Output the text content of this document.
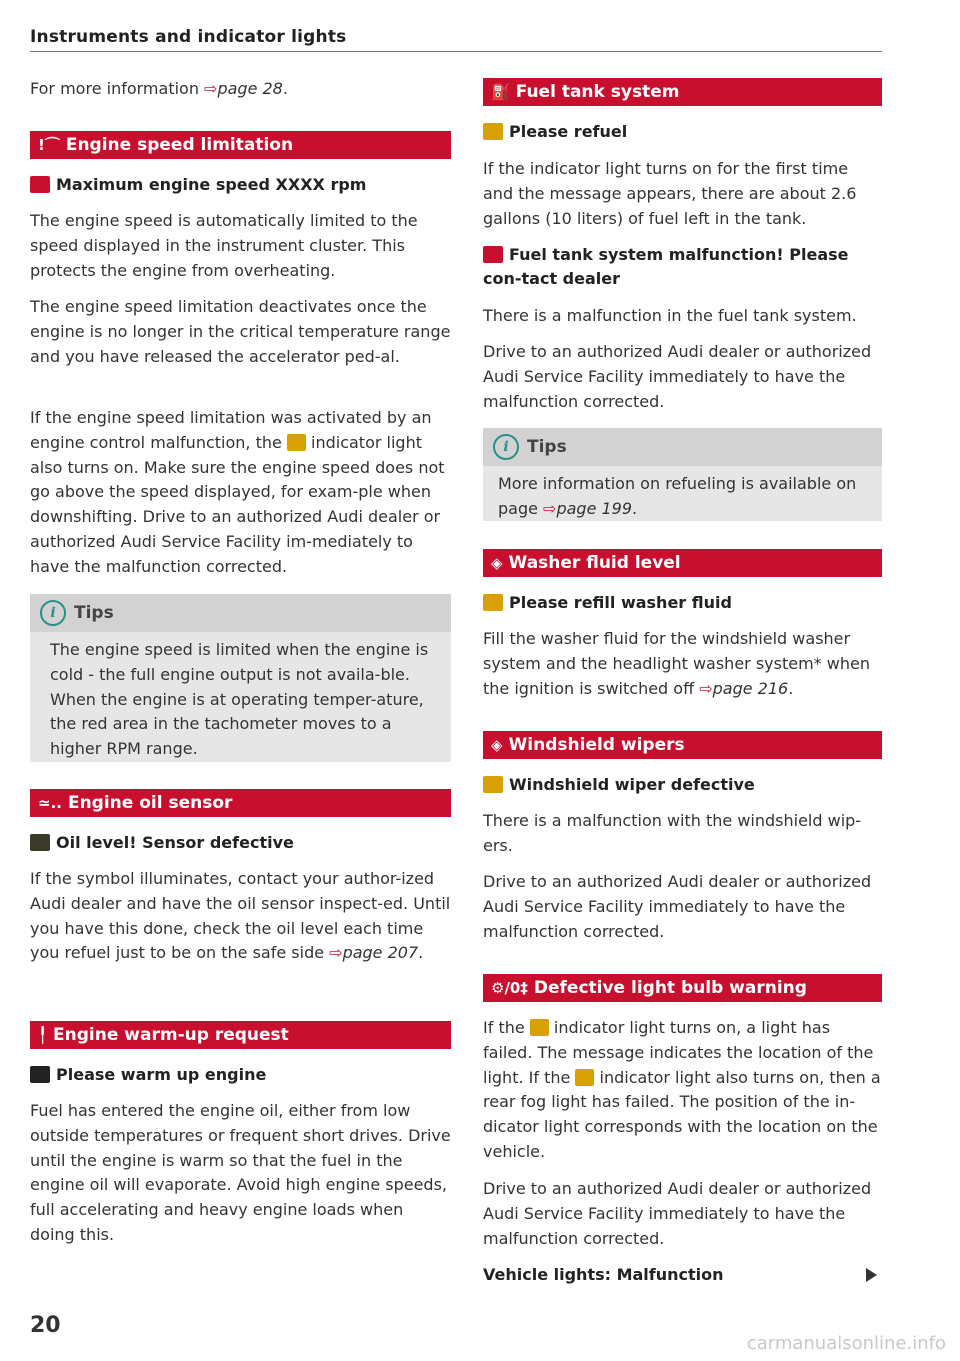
Instruments and indicator lights

For more information ⇨page 28.

!⌒ Engine speed limitation
Maximum engine speed XXXX rpm

The engine speed is automatically limited to the speed displayed in the instrument cluster. This protects the engine from overheating.

The engine speed limitation deactivates once the engine is no longer in the critical temperature range and you have released the accelerator ped-al.

If the engine speed limitation was activated by an engine control malfunction, the  indicator light also turns on. Make sure the engine speed does not go above the speed displayed, for exam-ple when downshifting. Drive to an authorized Audi dealer or authorized Audi Service Facility im-mediately to have the malfunction corrected.

i Tips
The engine speed is limited when the engine is cold - the full engine output is not availa-ble. When the engine is at operating temper-ature, the red area in the tachometer moves to a higher RPM range.
≃.. Engine oil sensor
Oil level! Sensor defective

If the symbol illuminates, contact your author-ized Audi dealer and have the oil sensor inspect-ed. Until you have this done, check the oil level each time you refuel just to be on the safe side ⇨page 207.

╿ Engine warm-up request
Please warm up engine

Fuel has entered the engine oil, either from low outside temperatures or frequent short drives. Drive until the engine is warm so that the fuel in the engine oil will evaporate. Avoid high engine speeds, full accelerating and heavy engine loads when doing this.

⛽ Fuel tank system
Please refuel

If the indicator light turns on for the first time and the message appears, there are about 2.6 gallons (10 liters) of fuel left in the tank.

Fuel tank system malfunction! Please con-tact dealer

There is a malfunction in the fuel tank system.

Drive to an authorized Audi dealer or authorized Audi Service Facility immediately to have the malfunction corrected.

i Tips
More information on refueling is available on page ⇨page 199.
◈ Washer fluid level
Please refill washer fluid

Fill the washer fluid for the windshield washer system and the headlight washer system* when the ignition is switched off ⇨page 216.

◈ Windshield wipers
Windshield wiper defective

There is a malfunction with the windshield wip-ers.

Drive to an authorized Audi dealer or authorized Audi Service Facility immediately to have the malfunction corrected.

⚙/0‡ Defective light bulb warning

If the  indicator light turns on, a light has failed. The message indicates the location of the light. If the  indicator light also turns on, then a rear fog light has failed. The position of the in-dicator light corresponds with the location on the vehicle.

Drive to an authorized Audi dealer or authorized Audi Service Facility immediately to have the malfunction corrected.

Vehicle lights: Malfunction
20
carmanualsonline.info
